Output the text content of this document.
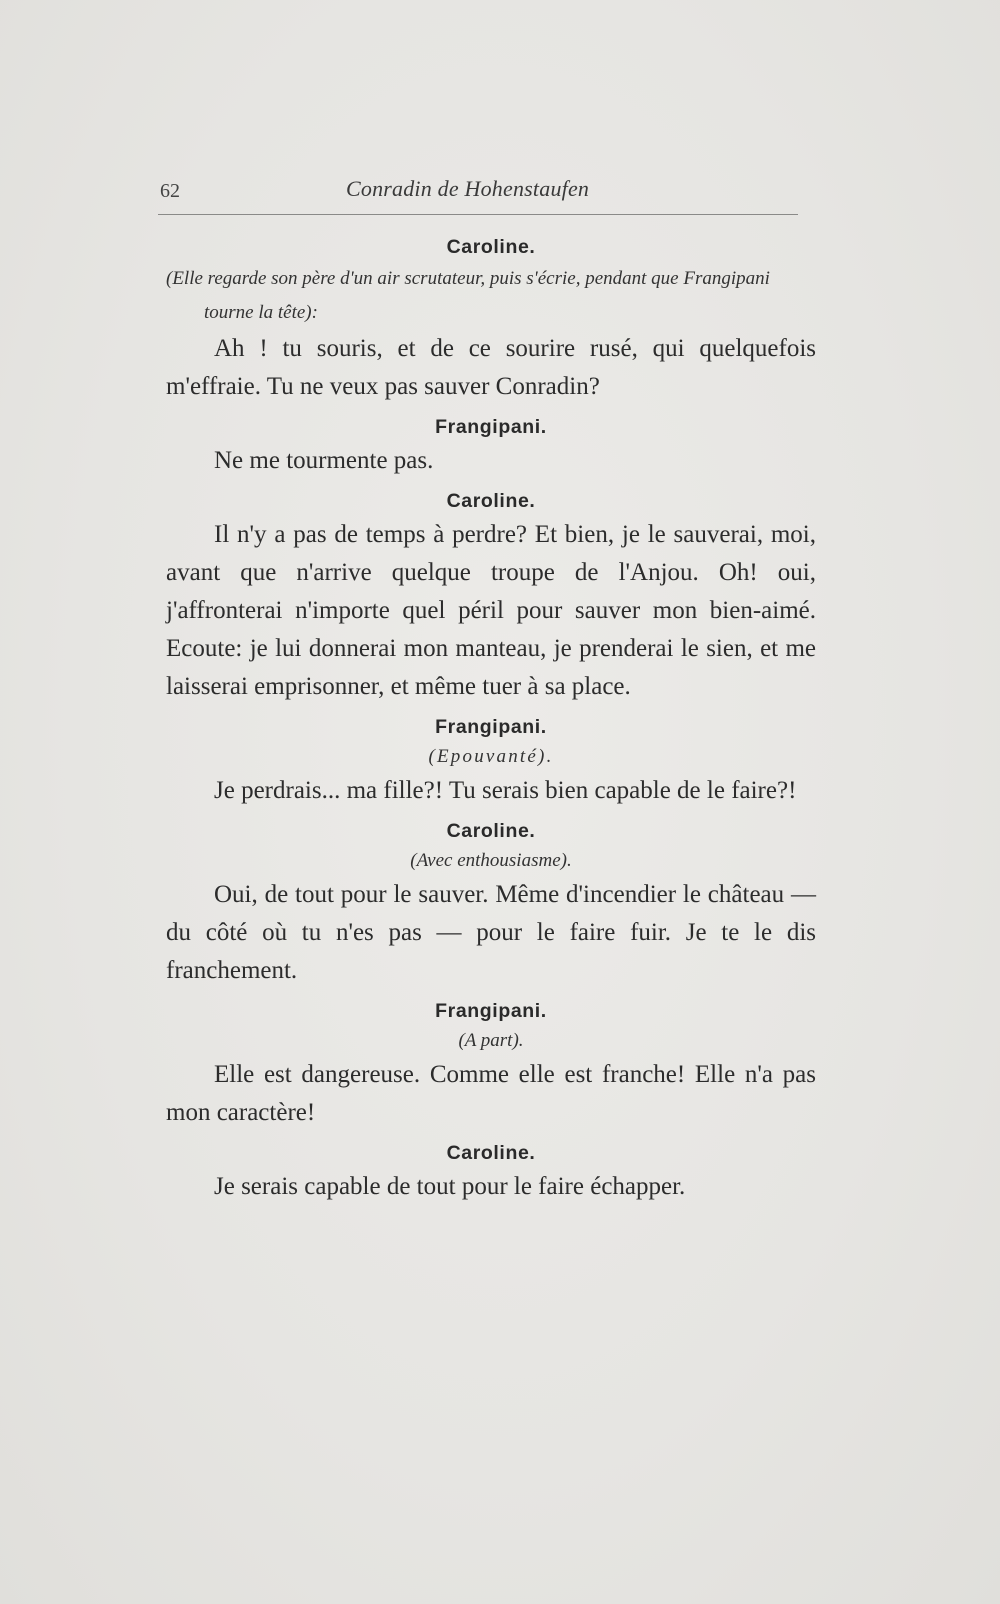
62	Conradin de Hohenstaufen

Caroline.

(Elle regarde son père d'un air scrutateur, puis s'écrie, pendant que Frangipani tourne la tête):

Ah ! tu souris, et de ce sourire rusé, qui quelquefois m'effraie. Tu ne veux pas sauver Conradin?

Frangipani.

Ne me tourmente pas.

Caroline.

Il n'y a pas de temps à perdre? Et bien, je le sauverai, moi, avant que n'arrive quelque troupe de l'Anjou. Oh! oui, j'affronterai n'importe quel péril pour sauver mon bien-aimé. Ecoute: je lui donnerai mon manteau, je prenderai le sien, et me laisserai emprisonner, et même tuer à sa place.

Frangipani.

(Epouvanté).

Je perdrais... ma fille?! Tu serais bien capable de le faire?!

Caroline.

(Avec enthousiasme).

Oui, de tout pour le sauver. Même d'incendier le château — du côté où tu n'es pas — pour le faire fuir. Je te le dis franchement.

Frangipani.

(A part).

Elle est dangereuse. Comme elle est franche! Elle n'a pas mon caractère!

Caroline.

Je serais capable de tout pour le faire échapper.
